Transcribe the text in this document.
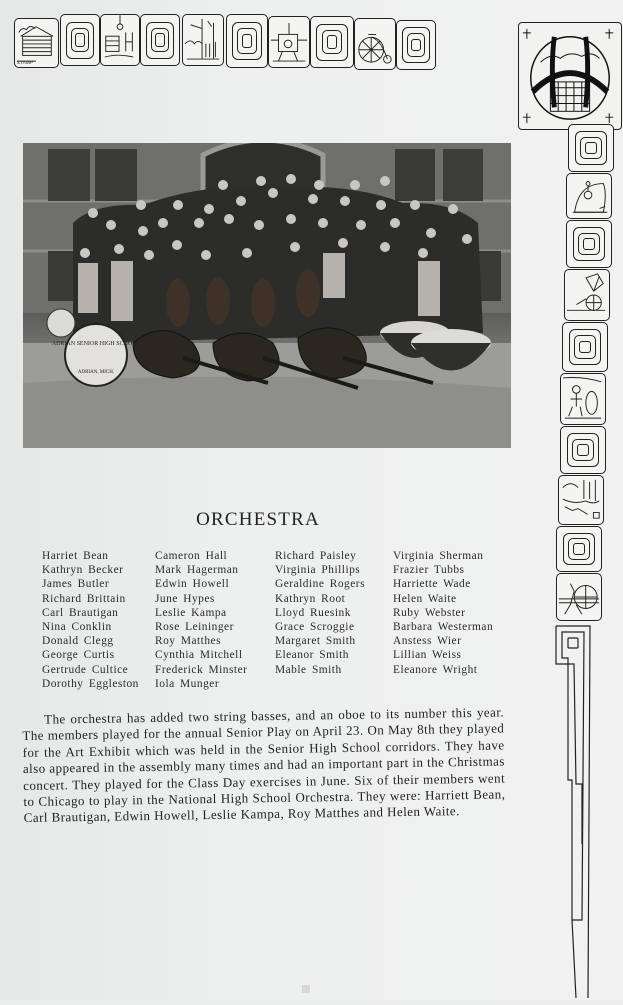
STAMP
ADRIAN SENIOR HIGH SCHOOL
ADRIAN, MICH.
ORCHESTRA
Harriet Bean
Kathryn Becker
James Butler
Richard Brittain
Carl Brautigan
Nina Conklin
Donald Clegg
George Curtis
Gertrude Cultice
Dorothy Eggleston
Cameron Hall
Mark Hagerman
Edwin Howell
June Hypes
Leslie Kampa
Rose Leininger
Roy Matthes
Cynthia Mitchell
Frederick Minster
Iola Munger
Richard Paisley
Virginia Phillips
Geraldine Rogers
Kathryn Root
Lloyd Ruesink
Grace Scroggie
Margaret Smith
Eleanor Smith
Mable Smith
Virginia Sherman
Frazier Tubbs
Harriette Wade
Helen Waite
Ruby Webster
Barbara Westerman
Anstess Wier
Lillian Weiss
Eleanore Wright
The orchestra has added two string basses, and an oboe to its number this year. The members played for the annual Senior Play on April 23. On May 8th they played for the Art Exhibit which was held in the Senior High School corridors. They have also appeared in the assembly many times and had an important part in the Christmas concert. They played for the Class Day exercises in June. Six of their members went to Chicago to play in the National High School Orchestra. They were: Harriett Bean, Carl Brautigan, Edwin Howell, Leslie Kampa, Roy Matthes and Helen Waite.
